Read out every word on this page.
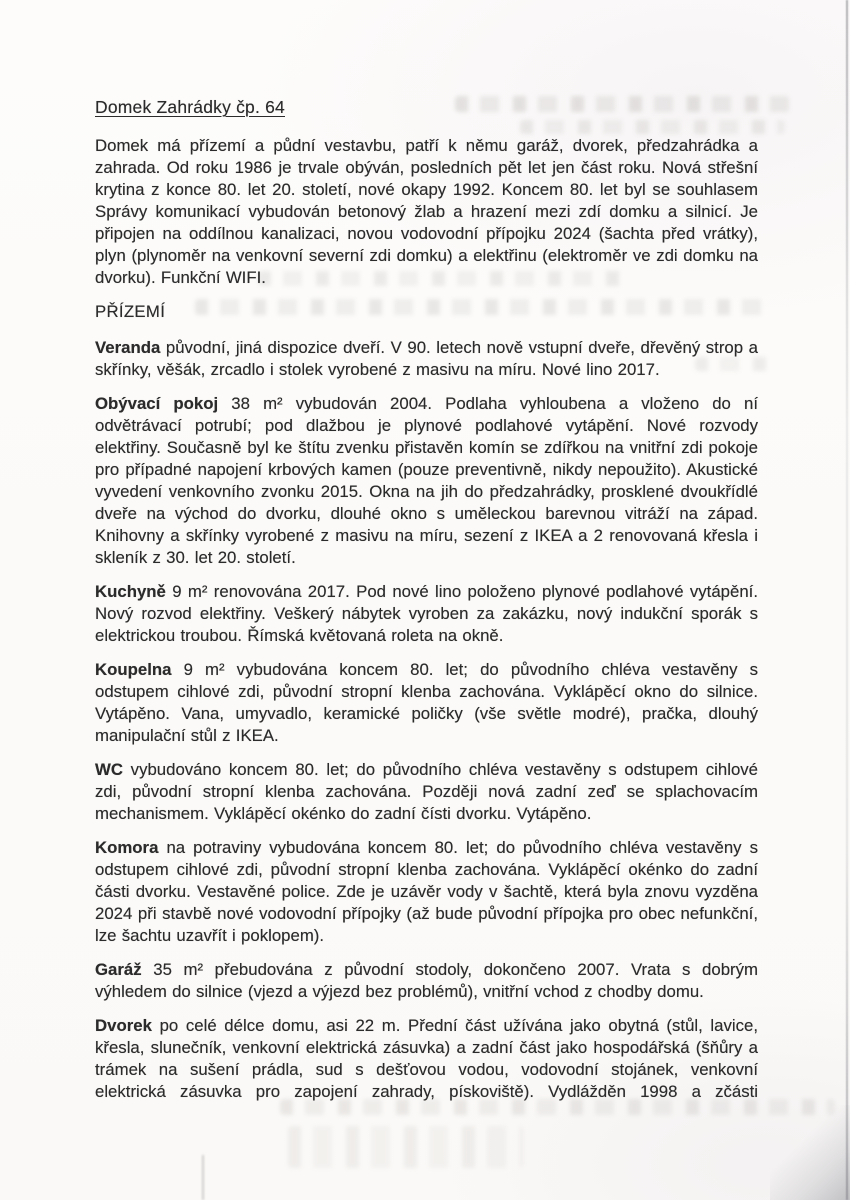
Domek Zahrádky čp. 64

Domek má přízemí a půdní vestavbu, patří k němu garáž, dvorek, předzahrádka a zahrada. Od roku 1986 je trvale obýván, posledních pět let jen část roku. Nová střešní krytina z konce 80. let 20. století, nové okapy 1992. Koncem 80. let byl se souhlasem Správy komunikací vybudován betonový žlab a hrazení mezi zdí domku a silnicí. Je připojen na oddílnou kanalizaci, novou vodovodní přípojku 2024 (šachta před vrátky), plyn (plynoměr na venkovní severní zdi domku) a elektřinu (elektroměr ve zdi domku na dvorku). Funkční WIFI.

PŘÍZEMÍ

Veranda původní, jiná dispozice dveří. V 90. letech nově vstupní dveře, dřevěný strop a skřínky, věšák, zrcadlo i stolek vyrobené z masivu na míru. Nové lino 2017.

Obývací pokoj 38 m² vybudován 2004. Podlaha vyhloubena a vloženo do ní odvětrávací potrubí; pod dlažbou je plynové podlahové vytápění. Nové rozvody elektřiny. Současně byl ke štítu zvenku přistavěn komín se zdířkou na vnitřní zdi pokoje pro případné napojení krbových kamen (pouze preventivně, nikdy nepoužito). Akustické vyvedení venkovního zvonku 2015. Okna na jih do předzahrádky, prosklené dvoukřídlé dveře na východ do dvorku, dlouhé okno s uměleckou barevnou vitráží na západ. Knihovny a skřínky vyrobené z masivu na míru, sezení z IKEA a 2 renovovaná křesla i skleník z 30. let 20. století.

Kuchyně 9 m² renovována 2017. Pod nové lino položeno plynové podlahové vytápění. Nový rozvod elektřiny. Veškerý nábytek vyroben za zakázku, nový indukční sporák s elektrickou troubou. Římská květovaná roleta na okně.

Koupelna 9 m² vybudována koncem 80. let; do původního chléva vestavěny s odstupem cihlové zdi, původní stropní klenba zachována. Vyklápěcí okno do silnice. Vytápěno. Vana, umyvadlo, keramické poličky (vše světle modré), pračka, dlouhý manipulační stůl z IKEA.

WC vybudováno koncem 80. let; do původního chléva vestavěny s odstupem cihlové zdi, původní stropní klenba zachována. Později nová zadní zeď se splachovacím mechanismem. Vyklápěcí okénko do zadní čísti dvorku. Vytápěno.

Komora na potraviny vybudována koncem 80. let; do původního chléva vestavěny s odstupem cihlové zdi, původní stropní klenba zachována. Vyklápěcí okénko do zadní části dvorku. Vestavěné police. Zde je uzávěr vody v šachtě, která byla znovu vyzděna 2024 při stavbě nové vodovodní přípojky (až bude původní přípojka pro obec nefunkční, lze šachtu uzavřít i poklopem).

Garáž 35 m² přebudována z původní stodoly, dokončeno 2007. Vrata s dobrým výhledem do silnice (vjezd a výjezd bez problémů), vnitřní vchod z chodby domu.

Dvorek po celé délce domu, asi 22 m. Přední část užívána jako obytná (stůl, lavice, křesla, slunečník, venkovní elektrická zásuvka) a zadní část jako hospodářská (šňůry a trámek na sušení prádla, sud s dešťovou vodou, vodovodní stojánek, venkovní elektrická zásuvka pro zapojení zahrady, pískoviště). Vydlážděn 1998 a zčásti
